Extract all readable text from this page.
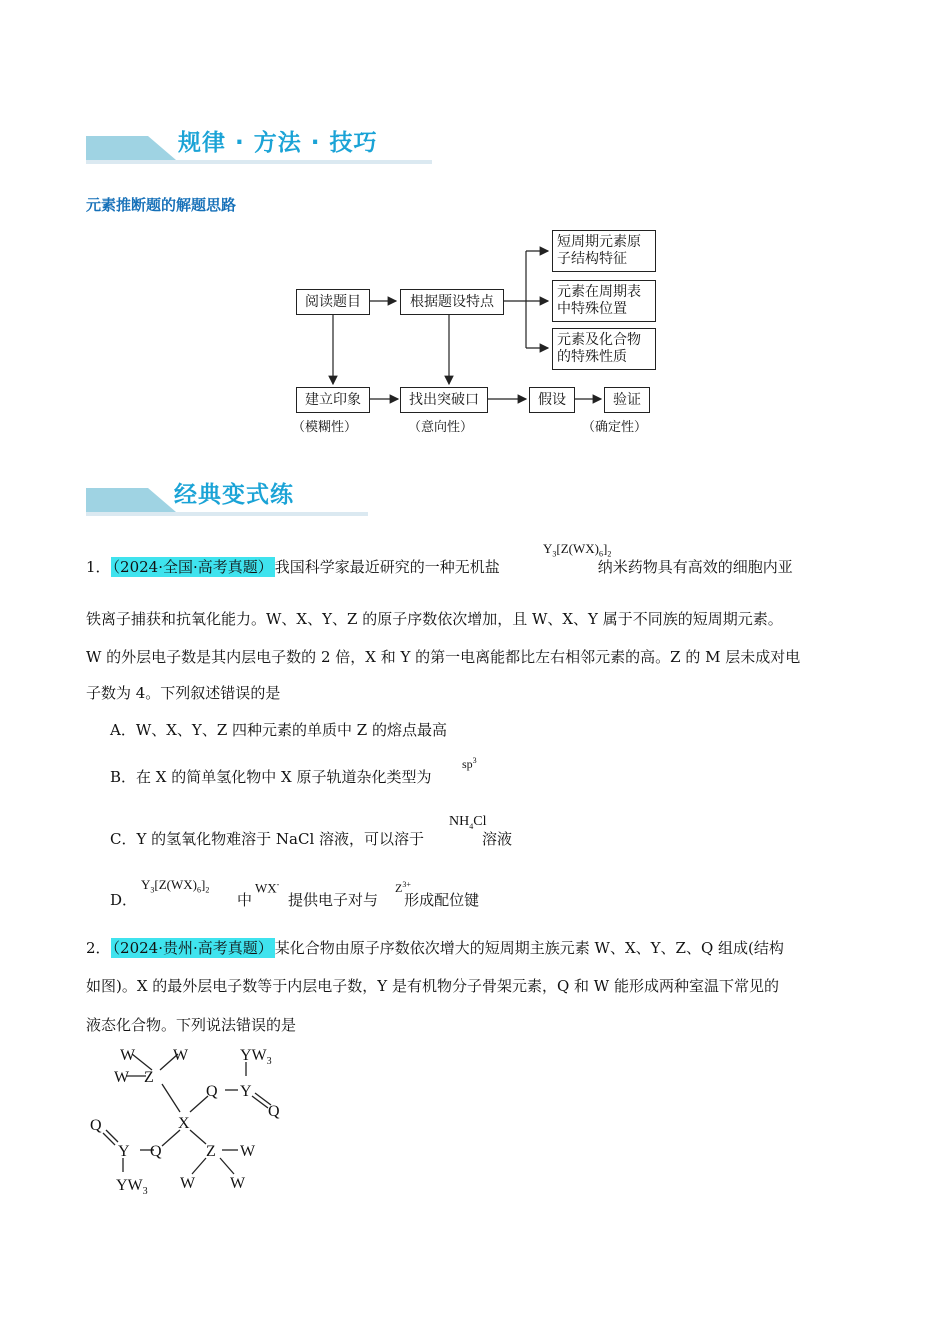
规律 · 方法 · 技巧
元素推断题的解题思路
阅读题目	根据题设特点
短周期元素原
子结构特征
元素在周期表
中特殊位置
元素及化合物
的特殊性质
建立印象	找出突破口	假设	验证
（模糊性）	（意向性）	（确定性）
经典变式练
1． （2024·全国·高考真题） 我国科学家最近研究的一种无机盐	纳米药物具有高效的细胞内亚
$Y_3[Z(WX)_6]_2$
铁离子捕获和抗氧化能力。W、X、Y、Z 的原子序数依次增加，且 W、X、Y 属于不同族的短周期元素。
W 的外层电子数是其内层电子数的 2 倍，X 和 Y 的第一电离能都比左右相邻元素的高。Z 的 M 层未成对电
子数为 4。下列叙述错误的是
A．W、X、Y、Z 四种元素的单质中 Z 的熔点最高
B．在 X 的简单氢化物中 X 原子轨道杂化类型为
$sp^3$
C．Y 的氢氧化物难溶于 NaCl 溶液，可以溶于	溶液
$NH_4Cl$
D．	中 提供电子对与 形成配位键
$Y_3[Z(WX)_6]_2$	WX-	$Z^{3+}$
2． （2024·贵州·高考真题） 某化合物由原子序数依次增大的短周期主族元素 W、X、Y、Z、Q 组成(结构
如图)。X 的最外层电子数等于内层电子数，Y 是有机物分子骨架元素，Q 和 W 能形成两种室温下常见的
液态化合物。下列说法错误的是
W W	$YW_3$
W Z
Q Y
Q
X
Q
Y Q	Z W
$YW_3$ W W
